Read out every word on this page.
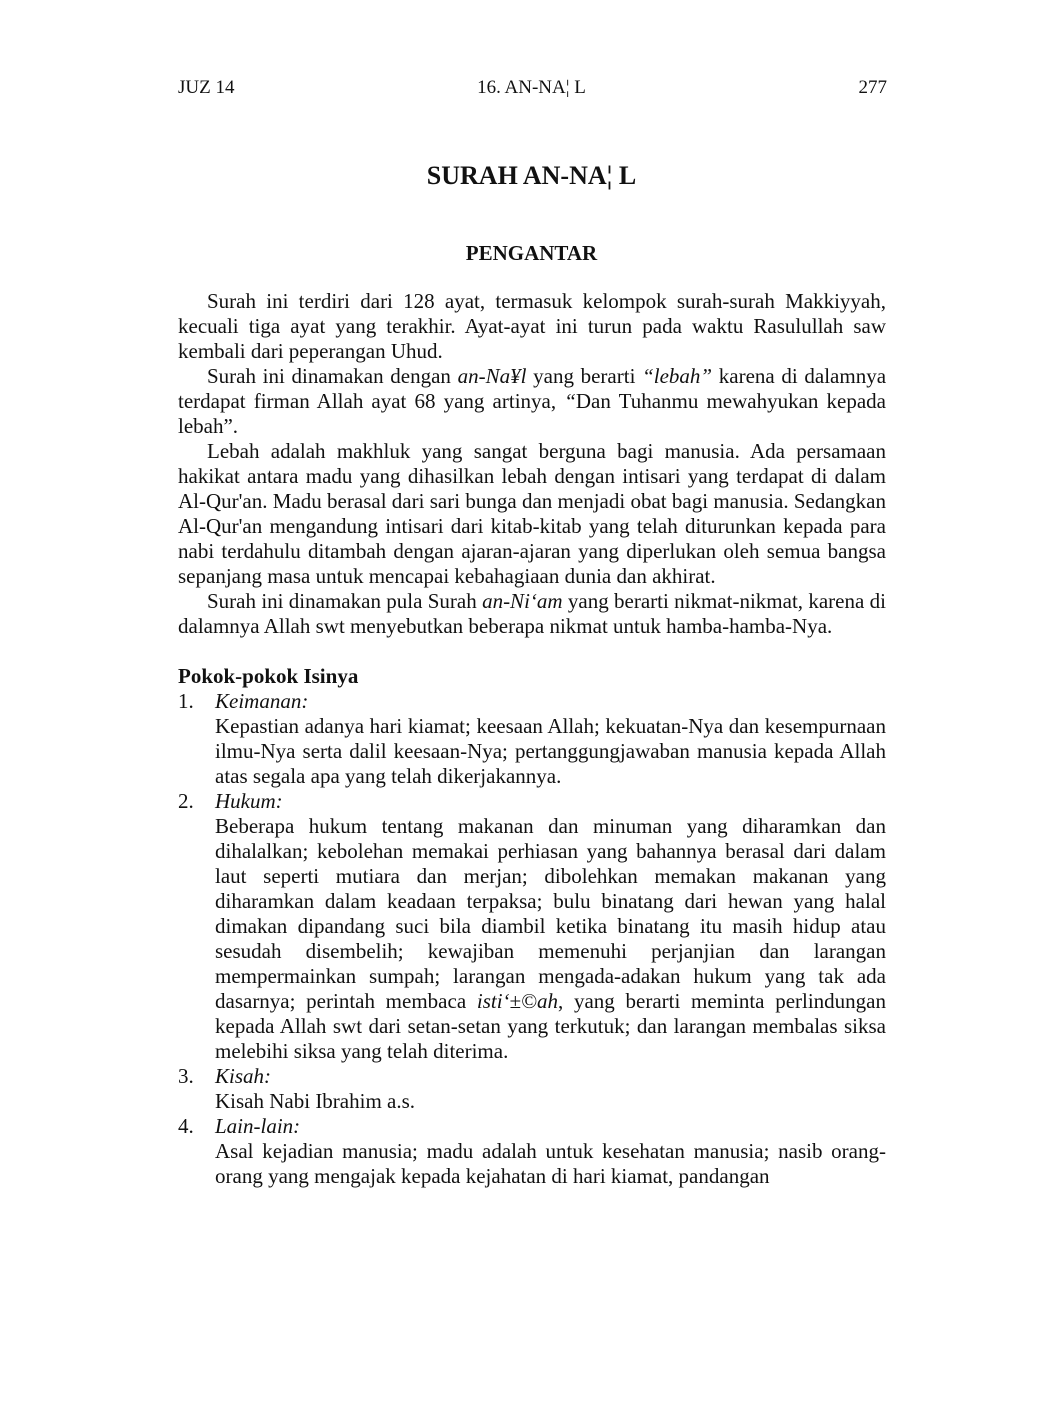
JUZ 14	16. AN-NA¦ L	277
SURAH AN-NA¦ L
PENGANTAR

Surah ini terdiri dari 128 ayat, termasuk kelompok surah-surah Makkiyyah, kecuali tiga ayat yang terakhir. Ayat-ayat ini turun pada waktu Rasulullah saw kembali dari peperangan Uhud.

Surah ini dinamakan dengan an-Na¥l yang berarti “lebah” karena di dalamnya terdapat firman Allah ayat 68 yang artinya, “Dan Tuhanmu mewahyukan kepada lebah”.

Lebah adalah makhluk yang sangat berguna bagi manusia. Ada persamaan hakikat antara madu yang dihasilkan lebah dengan intisari yang terdapat di dalam Al-Qur'an. Madu berasal dari sari bunga dan menjadi obat bagi manusia. Sedangkan Al-Qur'an mengandung intisari dari kitab-kitab yang telah diturunkan kepada para nabi terdahulu ditambah dengan ajaran-ajaran yang diperlukan oleh semua bangsa sepanjang masa untuk mencapai kebahagiaan dunia dan akhirat.

Surah ini dinamakan pula Surah an-Ni‘am yang berarti nikmat-nikmat, karena di dalamnya Allah swt menyebutkan beberapa nikmat untuk hamba-hamba-Nya.

Pokok-pokok Isinya
1. Keimanan:
Kepastian adanya hari kiamat; keesaan Allah; kekuatan-Nya dan kesempurnaan ilmu-Nya serta dalil keesaan-Nya; pertanggungjawaban manusia kepada Allah atas segala apa yang telah dikerjakannya.
2. Hukum:
Beberapa hukum tentang makanan dan minuman yang diharamkan dan dihalalkan; kebolehan memakai perhiasan yang bahannya berasal dari dalam laut seperti mutiara dan merjan; dibolehkan memakan makanan yang diharamkan dalam keadaan terpaksa; bulu binatang dari hewan yang halal dimakan dipandang suci bila diambil ketika binatang itu masih hidup atau sesudah disembelih; kewajiban memenuhi perjanjian dan larangan mempermainkan sumpah; larangan mengada-adakan hukum yang tak ada dasarnya; perintah membaca isti‘±©ah, yang berarti meminta perlindungan kepada Allah swt dari setan-setan yang terkutuk; dan larangan membalas siksa melebihi siksa yang telah diterima.
3. Kisah:
Kisah Nabi Ibrahim a.s.
4. Lain-lain:
Asal kejadian manusia; madu adalah untuk kesehatan manusia; nasib orang-orang yang mengajak kepada kejahatan di hari kiamat, pandangan
